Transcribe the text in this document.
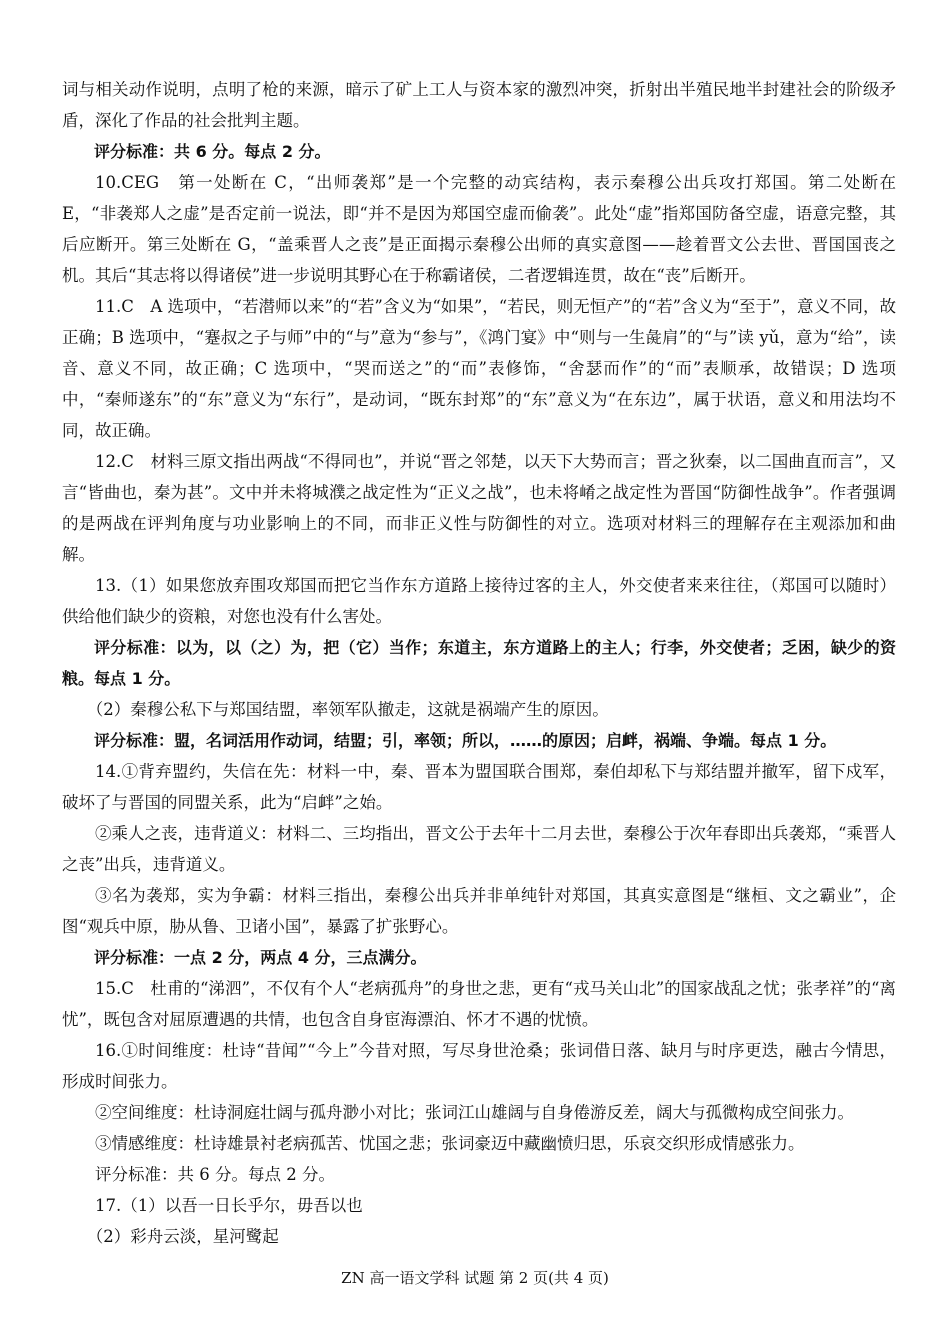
词与相关动作说明，点明了枪的来源，暗示了矿上工人与资本家的激烈冲突，折射出半殖民地半封建社会的阶级矛盾，深化了作品的社会批判主题。

评分标准：共 6 分。每点 2 分。

10.CEG　第一处断在 C，“出师袭郑”是一个完整的动宾结构，表示秦穆公出兵攻打郑国。第二处断在 E，“非袭郑人之虚”是否定前一说法，即“并不是因为郑国空虚而偷袭”。此处“虚”指郑国防备空虚，语意完整，其后应断开。第三处断在 G，“盖乘晋人之丧”是正面揭示秦穆公出师的真实意图——趁着晋文公去世、晋国国丧之机。其后“其志将以得诸侯”进一步说明其野心在于称霸诸侯，二者逻辑连贯，故在“丧”后断开。

11.C　A 选项中，“若潜师以来”的“若”含义为“如果”，“若民，则无恒产”的“若”含义为“至于”，意义不同，故正确；B 选项中，“蹇叔之子与师”中的“与”意为“参与”，《鸿门宴》中“则与一生彘肩”的“与”读 yǔ，意为“给”，读音、意义不同，故正确；C 选项中，“哭而送之”的“而”表修饰，“舍瑟而作”的“而”表顺承，故错误；D 选项中，“秦师遂东”的“东”意义为“东行”，是动词，“既东封郑”的“东”意义为“在东边”，属于状语，意义和用法均不同，故正确。

12.C　材料三原文指出两战“不得同也”，并说“晋之邻楚，以天下大势而言；晋之狄秦，以二国曲直而言”，又言“皆曲也，秦为甚”。文中并未将城濮之战定性为“正义之战”，也未将崤之战定性为晋国“防御性战争”。作者强调的是两战在评判角度与功业影响上的不同，而非正义性与防御性的对立。选项对材料三的理解存在主观添加和曲解。

13.（1）如果您放弃围攻郑国而把它当作东方道路上接待过客的主人，外交使者来来往往，（郑国可以随时）供给他们缺少的资粮，对您也没有什么害处。

评分标准：以为，以（之）为，把（它）当作；东道主，东方道路上的主人；行李，外交使者；乏困，缺少的资粮。每点 1 分。

（2）秦穆公私下与郑国结盟，率领军队撤走，这就是祸端产生的原因。

评分标准：盟，名词活用作动词，结盟；引，率领；所以，……的原因；启衅，祸端、争端。每点 1 分。

14.①背弃盟约，失信在先：材料一中，秦、晋本为盟国联合围郑，秦伯却私下与郑结盟并撤军，留下戍军，破坏了与晋国的同盟关系，此为“启衅”之始。

②乘人之丧，违背道义：材料二、三均指出，晋文公于去年十二月去世，秦穆公于次年春即出兵袭郑，“乘晋人之丧”出兵，违背道义。

③名为袭郑，实为争霸：材料三指出，秦穆公出兵并非单纯针对郑国，其真实意图是“继桓、文之霸业”，企图“观兵中原，胁从鲁、卫诸小国”，暴露了扩张野心。

评分标准：一点 2 分，两点 4 分，三点满分。

15.C　杜甫的“涕泗”，不仅有个人“老病孤舟”的身世之悲，更有“戎马关山北”的国家战乱之忧；张孝祥”的“离忧”，既包含对屈原遭遇的共情，也包含自身宦海漂泊、怀才不遇的忧愤。

16.①时间维度：杜诗“昔闻”“今上”今昔对照，写尽身世沧桑；张词借日落、缺月与时序更迭，融古今情思，形成时间张力。

②空间维度：杜诗洞庭壮阔与孤舟渺小对比；张词江山雄阔与自身倦游反差，阔大与孤微构成空间张力。

③情感维度：杜诗雄景衬老病孤苦、忧国之悲；张词豪迈中藏幽愤归思，乐哀交织形成情感张力。

评分标准：共 6 分。每点 2 分。

17.（1）以吾一日长乎尔，毋吾以也

（2）彩舟云淡，星河鹭起

ZN 高一语文学科 试题 第 2 页(共 4 页)
